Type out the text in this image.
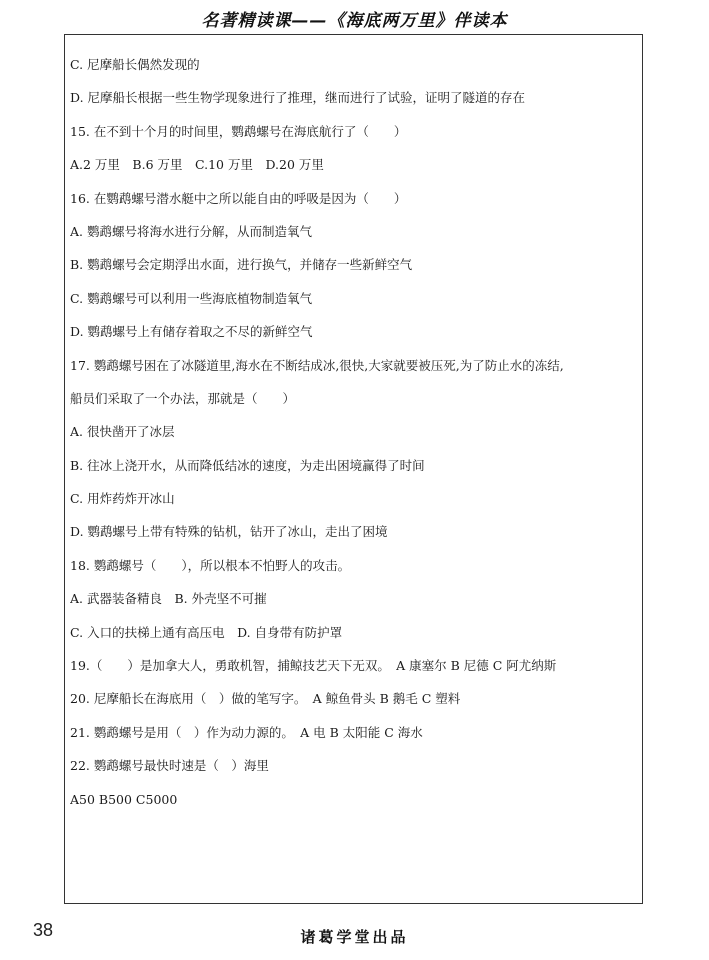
名著精读课——《海底两万里》伴读本
C. 尼摩船长偶然发现的
D. 尼摩船长根据一些生物学现象进行了推理，继而进行了试验，证明了隧道的存在
15. 在不到十个月的时间里，鹦鹉螺号在海底航行了（　　）
A.2 万里　B.6 万里　C.10 万里　D.20 万里
16. 在鹦鹉螺号潜水艇中之所以能自由的呼吸是因为（　　）
A. 鹦鹉螺号将海水进行分解，从而制造氧气
B. 鹦鹉螺号会定期浮出水面，进行换气，并储存一些新鲜空气
C. 鹦鹉螺号可以利用一些海底植物制造氧气
D. 鹦鹉螺号上有储存着取之不尽的新鲜空气
17. 鹦鹉螺号困在了冰隧道里,海水在不断结成冰,很快,大家就要被压死,为了防止水的冻结,
船员们采取了一个办法，那就是（　　）
A. 很快凿开了冰层
B. 往冰上浇开水，从而降低结冰的速度，为走出困境赢得了时间
C. 用炸药炸开冰山
D. 鹦鹉螺号上带有特殊的钻机，钻开了冰山，走出了困境
18. 鹦鹉螺号（　　），所以根本不怕野人的攻击。
A. 武器装备精良　B. 外壳坚不可摧
C. 入口的扶梯上通有高压电　D. 自身带有防护罩
19.（　　）是加拿大人，勇敢机智，捕鲸技艺天下无双。　A 康塞尔 B 尼德 C 阿尤纳斯
20. 尼摩船长在海底用（　）做的笔写字。　A 鲸鱼骨头 B 鹅毛 C 塑料
21. 鹦鹉螺号是用（　）作为动力源的。　A 电 B 太阳能 C 海水
22. 鹦鹉螺号最快时速是（　）海里
A50 B500 C5000
38	诸葛学堂出品
